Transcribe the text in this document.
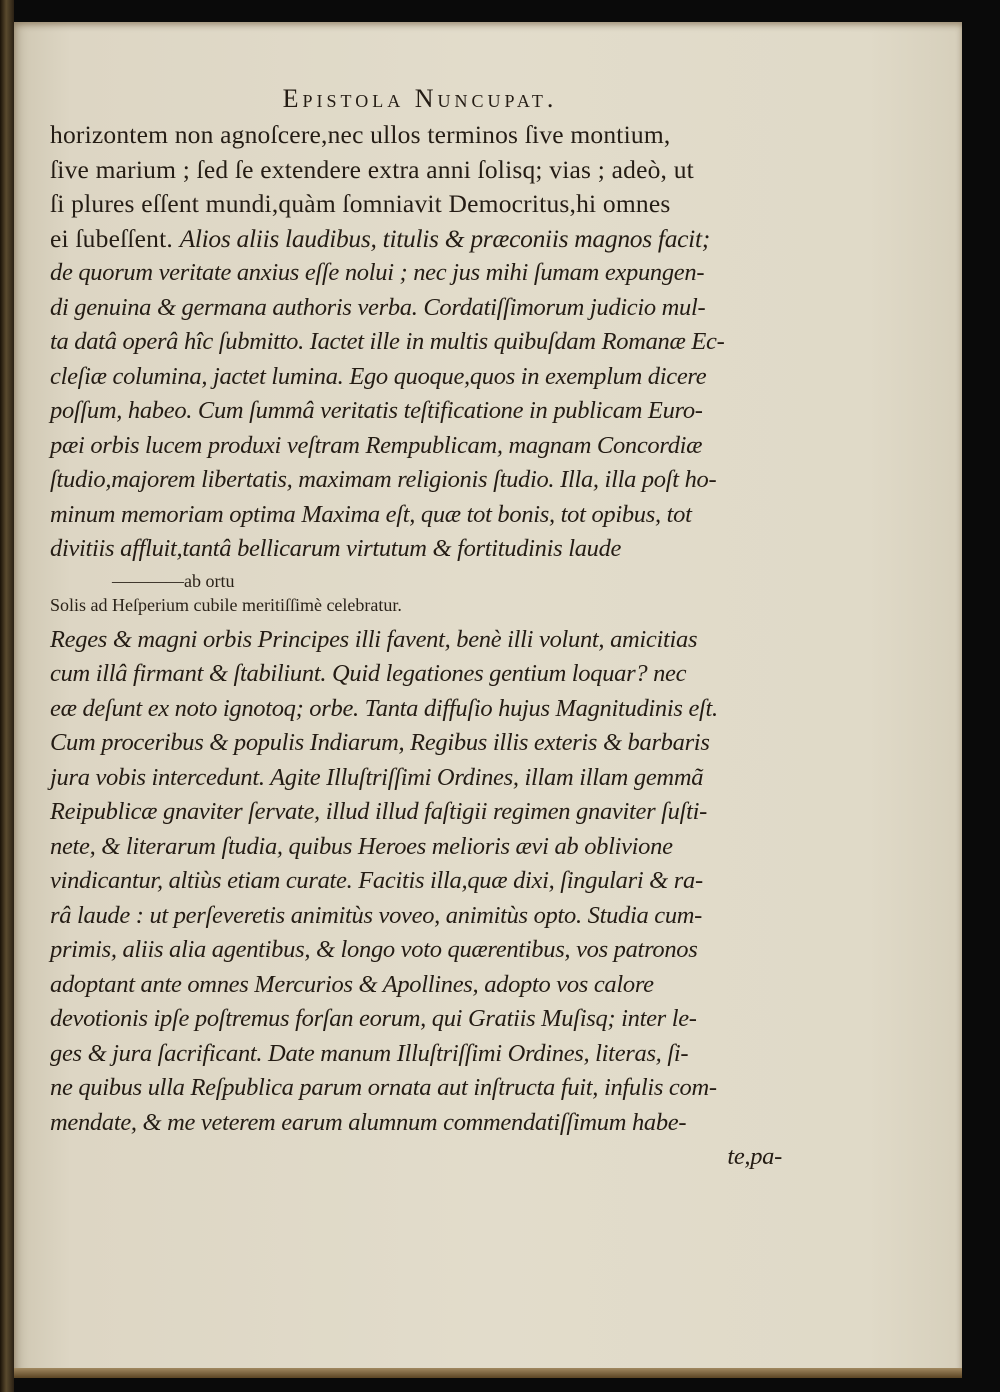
Epistola Nuncupat.
horizontem non agnoſcere,nec ullos terminos ſive montium,
ſive marium ; ſed ſe extendere extra anni ſolisq; vias ; adeò, ut
ſi plures eſſent mundi,quàm ſomniavit Democritus,hi omnes
ei ſubeſſent. Alios aliis laudibus, titulis & præconiis magnos facit;
de quorum veritate anxius eſſe nolui ; nec jus mihi ſumam expungen-
di genuina & germana authoris verba. Cordatiſſimorum judicio mul-
ta datâ operâ hîc ſubmitto. Iactet ille in multis quibuſdam Romanæ Ec-
cleſiæ columina, jactet lumina. Ego quoque,quos in exemplum dicere
poſſum, habeo. Cum ſummâ veritatis teſtificatione in publicam Euro-
pæi orbis lucem produxi veſtram Rempublicam, magnam Concordiæ
ſtudio,majorem libertatis, maximam religionis ſtudio. Illa, illa poſt ho-
minum memoriam optima Maxima eſt, quæ tot bonis, tot opibus, tot
divitiis affluit,tantâ bellicarum virtutum & fortitudinis laude
————ab ortu
Solis ad Heſperium cubile meritiſſimè celebratur.
Reges & magni orbis Principes illi favent, benè illi volunt, amicitias
cum illâ firmant & ſtabiliunt. Quid legationes gentium loquar? nec
eæ deſunt ex noto ignotoq; orbe. Tanta diffuſio hujus Magnitudinis eſt.
Cum proceribus & populis Indiarum, Regibus illis exteris & barbaris
jura vobis intercedunt. Agite Illuſtriſſimi Ordines, illam illam gemmã
Reipublicæ gnaviter ſervate, illud illud faſtigii regimen gnaviter ſuſti-
nete, & literarum ſtudia, quibus Heroes melioris ævi ab oblivione
vindicantur, altiùs etiam curate. Facitis illa,quæ dixi, ſingulari & ra-
râ laude : ut perſeveretis animitùs voveo, animitùs opto. Studia cum-
primis, aliis alia agentibus, & longo voto quærentibus, vos patronos
adoptant ante omnes Mercurios & Apollines, adopto vos calore
devotionis ipſe poſtremus forſan eorum, qui Gratiis Muſisq; inter le-
ges & jura ſacrificant. Date manum Illuſtriſſimi Ordines, literas, ſi-
ne quibus ulla Reſpublica parum ornata aut inſtructa fuit, infulis com-
mendate, & me veterem earum alumnum commendatiſſimum habe-
te,pa-
